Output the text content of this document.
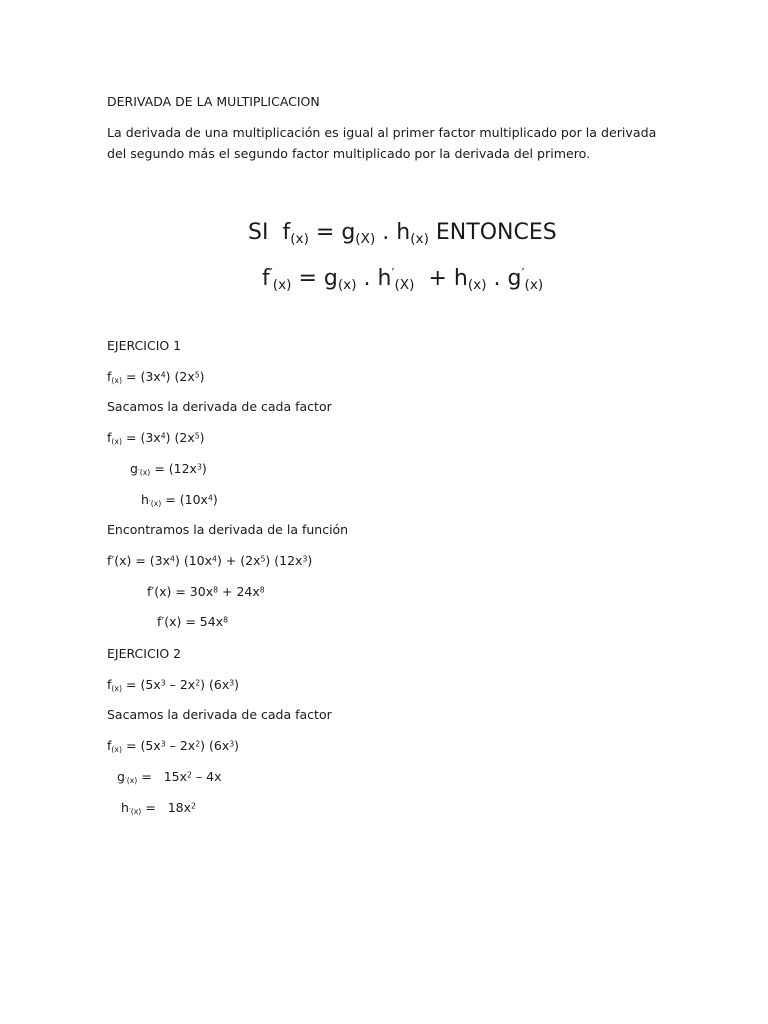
DERIVADA DE LA MULTIPLICACION
La derivada de una multiplicación es igual al primer factor multiplicado por la derivada del segundo más el segundo factor multiplicado por la derivada del primero.
SI $f_{(x)} = g_{(X)}$ . $h_{(x)}$ ENTONCES
$f'_{(x)} = g_{(x)}$ . $h'_{(X)} + h_{(x)}$ . $g'_{(x)}$
EJERCICIO 1
$f_{(x)} = (3x^4)$ $(2x^5)$
Sacamos la derivada de cada factor
$f_{(x)} = (3x^4)$ $(2x^5)$
$g_{'(x)} = (12x^3)$
$h_{'(x)} = (10x^4)$
Encontramos la derivada de la función
$f'(x) = (3x^4) (10x^4) + (2x^5)$ $(12x^3)$
$f'(x) = 30x^8 + 24x^8$
$f'(x) = 54x^8$
EJERCICIO 2
$f_{(x)} = (5x^3 - 2x^2)$ $(6x^3)$
Sacamos la derivada de cada factor
$f_{(x)} = (5x^3 - 2x^2)$ $(6x^3)$
$g_{'(x)} = 15x^2 - 4x$
$h_{'(x)} = 18x^2$
